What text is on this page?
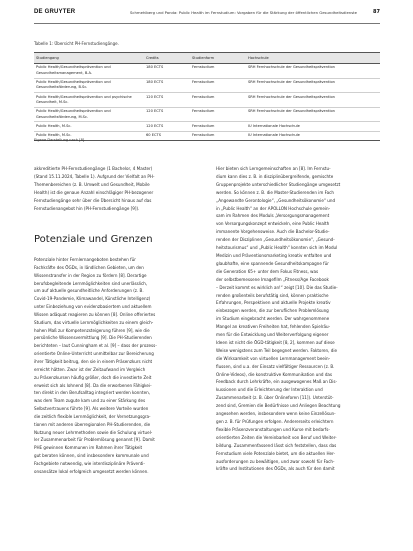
DE GRUYTER	Schmehlberg und Panda: Public Health im Fernstudium: Vorgaben für die Stärkung der öffentlichen Gesundheitsdienste	87
Tabelle 1: Übersicht PH-Fernstudiengänge.
Studiengang	Credits	Studienform	Hochschule
Public Health/Gesundheitsprävention und Gesundheitsmanagement, B.A.	180 ECTS	Fernstudium	SRH Fernhochschule der Gesundheitsprävention
Public Health/Gesundheitsprävention und Gesundheitsförderung, B.Sc.	180 ECTS	Fernstudium	SRH Fernhochschule der Gesundheitsprävention
Public Health/Gesundheitsprävention und psychische Gesundheit, M.Sc.	120 ECTS	Fernstudium	SRH Fernhochschule der Gesundheitsprävention
Public Health/Gesundheitsprävention und Gesundheitsförderung, M.Sc.	120 ECTS	Fernstudium	SRH Fernhochschule der Gesundheitsprävention
Public Health, M.Sc.	120 ECTS	Fernstudium	IU Internationale Hochschule
Public Health, M.Sc.	60 ECTS	Fernstudium	IU Internationale Hochschule
Eigene Darstellung nach [8].

akkreditierte PH-Fernstudiengänge (1 Bachelor, 4 Master)

(Stand 15.11.2024, Tabelle 1). Aufgrund der Vielfalt an PH-

Themenbereichen (z. B. Umwelt und Gesundheit, Mobile

Health) ist die genaue Anzahl einschlägiger PH-bezogener

Fernstudiengänge sehr über die Übersicht hinaus auf das

Fernstudienangebot hin (PH-Fernstudiengänge [9]).

Potenziale und Grenzen

Potenziale hinter Fernlernangeboten bestehen für

Fachkräfte des ÖGDs, in ländlichen Gebieten, um den

Wissenstransfer in der Region zu fördern [8]. Derartige

berufsbegleitende Lernmöglichkeiten sind unerlässlich,

um auf aktuelle gesundheitliche Anforderungen (z. B.

Covid-19-Pandemie, Klimawandel, Künstliche Intelligenz)

unter Einbeziehung von evidenzbasiertem und aktuellem

Wissen adäquat reagieren zu können [8]. Online offeriertes

Studium, das virtuelle Lernmöglichkeiten zu einem gleich-

hohen Maß zur Kompetenzsteigerung führen [9], wie die

persönliche Wissensvermittlung [9]. Die PH-Studierenden

berichteten – laut Cunningham et al. [9] – dass der prozess-

orientierte Online-Unterricht unmittelbar zur Bereicherung

ihrer Tätigkeit beitrug, den sie in einem Präsenzkurs nicht

erreicht hätten. Zwar ist der Zeitaufwand im Vergleich

zu Präsenzkursen häufig größer, doch die investierte Zeit

erweist sich als lohnend [8]. Da die erworbenen Fähigkei-

ten direkt in den Berufsalltag integriert werden konnten,

was dem Team zugute kam und zu einer Stärkung des

Selbstvertrauens führte [9]. Als weitere Vorteile wurden

die zeitlich flexible Lernmöglichkeit, der Vernetzungsgra-

tionen mit anderen überregionalen PH-Studierenden, die

Nutzung neuer Lehrmethoden sowie die Schulung virtuel-

ler Zusammenarbeit für Problemlösung genannt [9]. Damit

PHE gewinnen Kommunen im Rahmen ihrer Tätigkeit

gut beraten können, sind insbesondere kommunale und

Fachgebiete notwendig, wie interdisziplinäre Präventi-

onsansätze lokal erfolgreich umgesetzt werden können.

Hier bieten sich Lerngemeinschaften an [8]. Im Fernstu-

dium kann dies z. B. in disziplinübergreifende, gemischte

Gruppenprojekte unterschiedlicher Studiengänge umgesetzt

werden. So können z. B. die Master-Studierenden im Fach

„Angewandte Gerontologie“, „Gesundheitsökonomie“ und

in „Public Health“ an der APOLLON Hochschule gemein-

sam im Rahmen des Moduls „Versorgungsmanagement

von Versorgungskonzept entwickeln, eine Public Health

immanente Vorgehensweise. Auch die Bachelor-Studie-

renden der Disziplinen „Gesundheitsökonomie“, „Gesund-

heitstourismus“ und „Public Health“ konnten sich im Modul

Medizin und Präventionsmarketing kreativ entfalten und

glaubhafte, eine spannende Gesundheitskampagne für

die Generation 65+ unter dem Fokus Fitness, was

der selbstbemessene Imagefilm „Fitness/Age Facebook

– Derzeit kommt es wirklich an!“ zeigt [10]. Die das Studie-

renden großenteils berufstätig sind, können praktische

Erfahrungen, Perspektiven und aktuelle Projekte kreativ

einbezogen werden, die zur beruflichen Problemlösung

im Studium eingebracht werden. Der wahrgenommene

Mangel an kreativen Freiheiten hat, fehlenden Spielräu-

men für die Entwicklung und Weiterverfolgung eigener

Ideen ist nicht die ÖGD-tätigkeit [8, 2], kommen auf diese

Weise wenigstens zum Teil begegnet werden. Faktoren, die

die Wirksamkeit von virtuellen Lernmanagement beein-

flussen, sind u.a. der Einsatz vielfältiger Ressourcen (z. B.

Online-Videos), die konstruktive Kommunikation und das

Feedback durch Lehrkräfte, ein ausgewogenes Maß an Dis-

kussionen und die Erleichterung der Interaktion und

Zusammenarbeit (z. B. über Onlineforen [11]). Unterstüt-

zend sind, Gremien die Bedürfnisse und Anliegen Beachtung

angesehen werden, insbesondere wenn keine Einzellösun-

gen z. B. für Prüfungen erfolgen. Andererseits erleichtern

flexible Präsenzveranstaltungen und Kurse mit bedarfs-

orientierten Zeiten die Vereinbarkeit von Beruf und Weiter-

bildung. Zusammenfassend lässt sich feststellen, dass das

Fernstudium viele Potenziale bietet, um die aktuellen Her-

ausforderungen zu bewältigen, und zwar sowohl für Fach-

kräfte und Institutionen des ÖGDs, als auch für den damit
